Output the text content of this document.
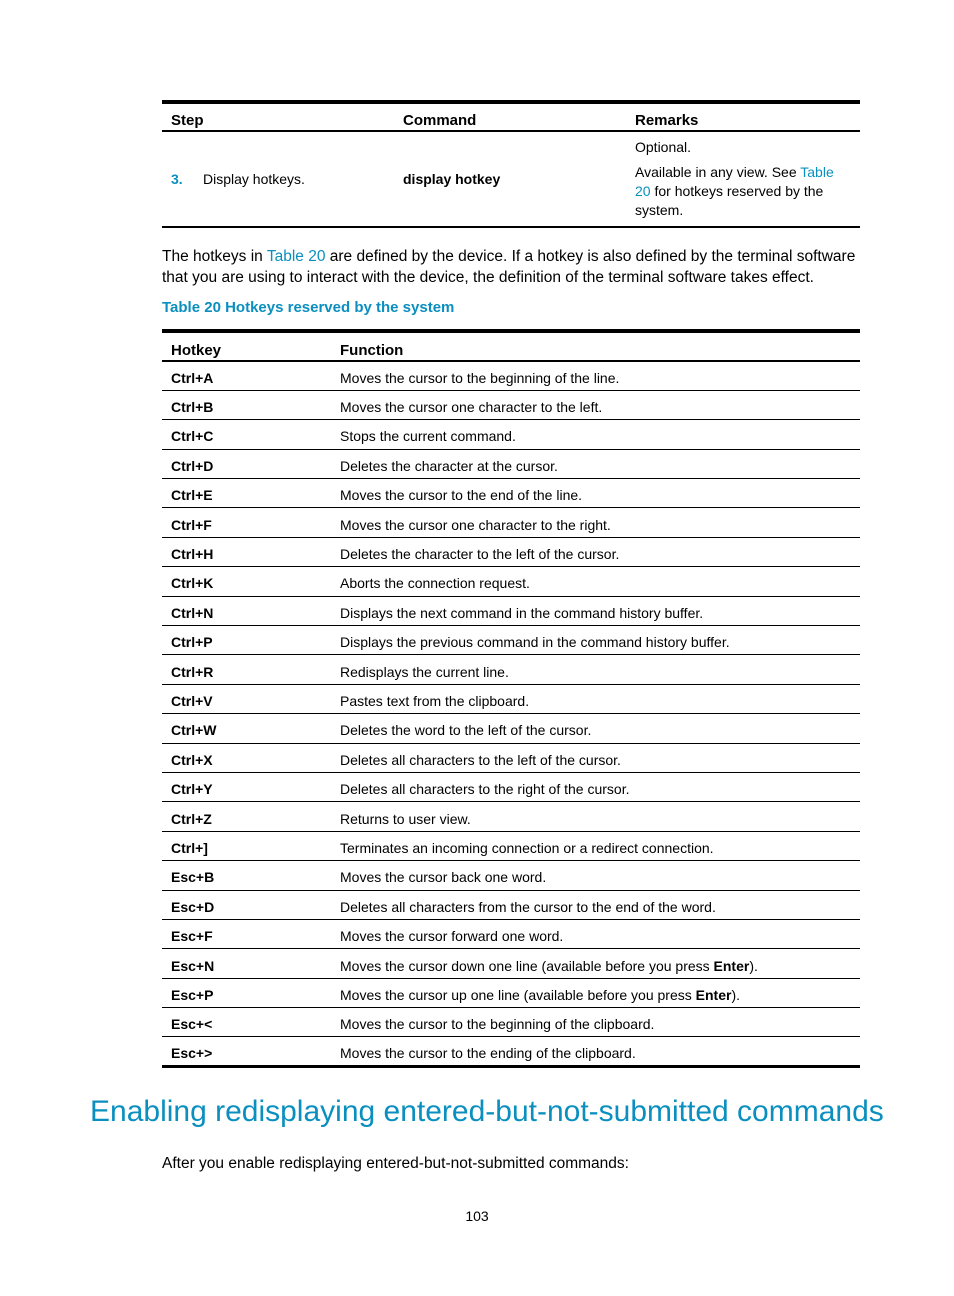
Step	Command	Remarks
3. Display hotkeys.	display hotkey	Optional.

Available in any view. See Table 20 for hotkeys reserved by the system.

The hotkeys in Table 20 are defined by the device. If a hotkey is also defined by the terminal software that you are using to interact with the device, the definition of the terminal software takes effect.

Table 20 Hotkeys reserved by the system

Hotkey	Function
Ctrl+A	Moves the cursor to the beginning of the line.
Ctrl+B	Moves the cursor one character to the left.
Ctrl+C	Stops the current command.
Ctrl+D	Deletes the character at the cursor.
Ctrl+E	Moves the cursor to the end of the line.
Ctrl+F	Moves the cursor one character to the right.
Ctrl+H	Deletes the character to the left of the cursor.
Ctrl+K	Aborts the connection request.
Ctrl+N	Displays the next command in the command history buffer.
Ctrl+P	Displays the previous command in the command history buffer.
Ctrl+R	Redisplays the current line.
Ctrl+V	Pastes text from the clipboard.
Ctrl+W	Deletes the word to the left of the cursor.
Ctrl+X	Deletes all characters to the left of the cursor.
Ctrl+Y	Deletes all characters to the right of the cursor.
Ctrl+Z	Returns to user view.
Ctrl+]	Terminates an incoming connection or a redirect connection.
Esc+B	Moves the cursor back one word.
Esc+D	Deletes all characters from the cursor to the end of the word.
Esc+F	Moves the cursor forward one word.
Esc+N	Moves the cursor down one line (available before you press Enter).
Esc+P	Moves the cursor up one line (available before you press Enter).
Esc+<	Moves the cursor to the beginning of the clipboard.
Esc+>	Moves the cursor to the ending of the clipboard.
Enabling redisplaying entered-but-not-submitted commands

After you enable redisplaying entered-but-not-submitted commands:

103
